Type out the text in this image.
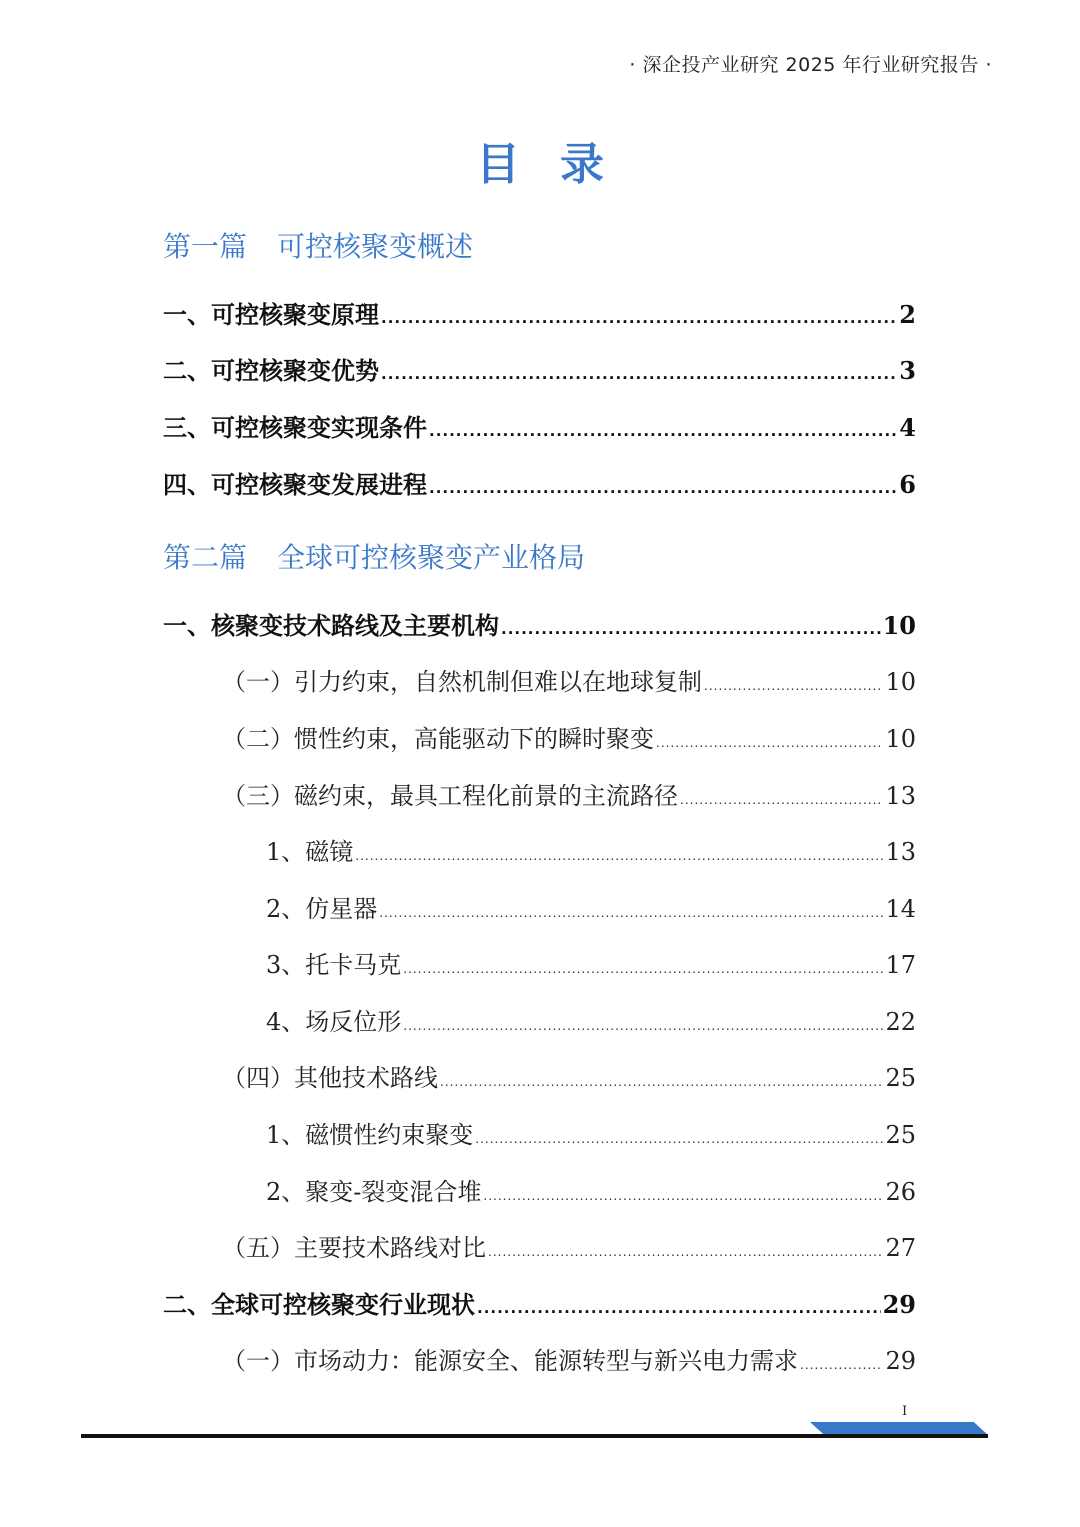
· 深企投产业研究 2025 年行业研究报告 ·
目录
第一篇 可控核聚变概述
一、可控核聚变原理 .....	2
二、可控核聚变优势 .....	3
三、可控核聚变实现条件 .....	4
四、可控核聚变发展进程 .....	6
第二篇 全球可控核聚变产业格局
一、核聚变技术路线及主要机构 .....	10
（一）引力约束，自然机制但难以在地球复制 .....	10
（二）惯性约束，高能驱动下的瞬时聚变 .....	10
（三）磁约束，最具工程化前景的主流路径 .....	13
1、磁镜 .....	13
2、仿星器 .....	14
3、托卡马克 .....	17
4、场反位形 .....	22
（四）其他技术路线 .....	25
1、磁惯性约束聚变 .....	25
2、聚变-裂变混合堆 .....	26
（五）主要技术路线对比 .....	27
二、全球可控核聚变行业现状 .....	29
（一）市场动力：能源安全、能源转型与新兴电力需求 .....	29
I
